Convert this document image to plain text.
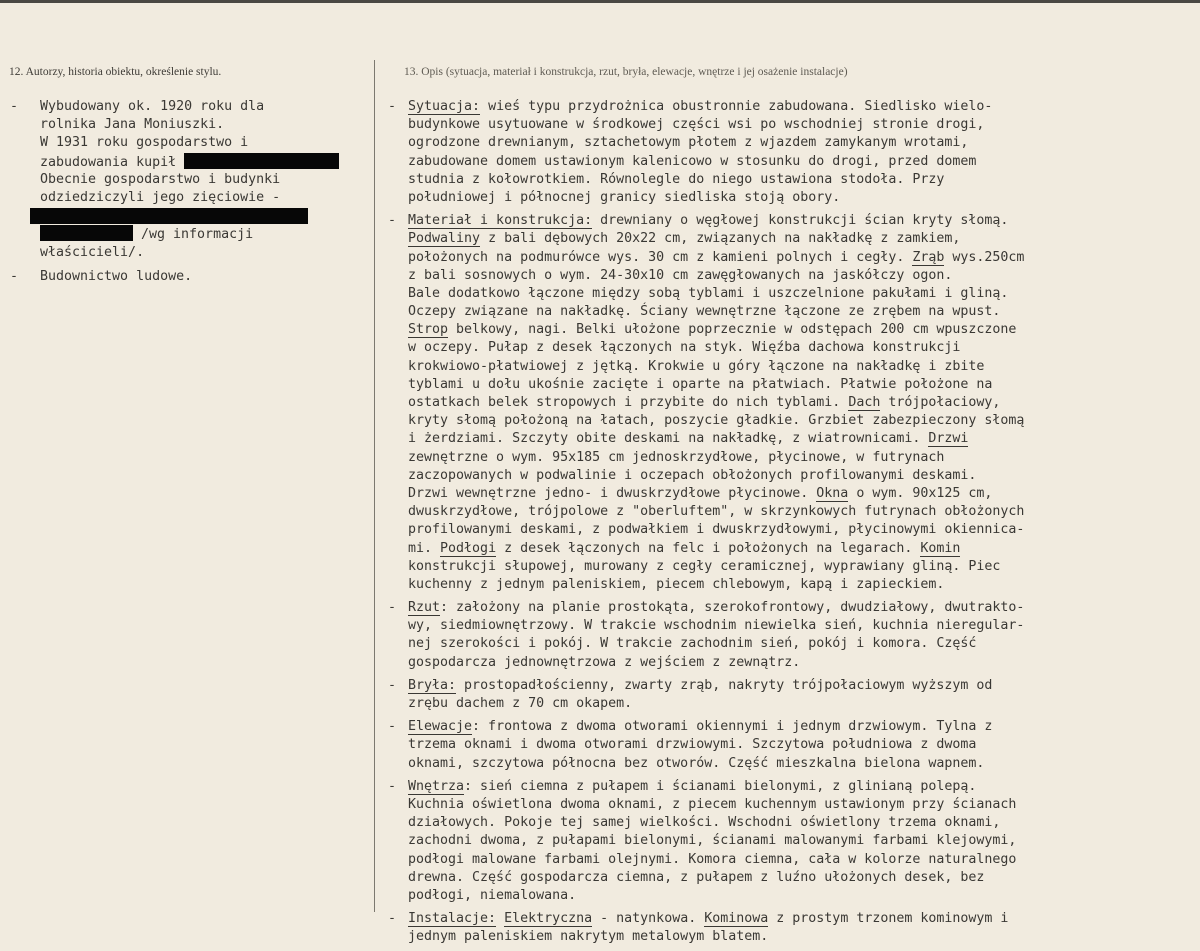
12. Autorzy, historia obiektu, określenie stylu.	13. Opis (sytuacja, materiał i konstrukcja, rzut, bryła, elewacje, wnętrze i jej osażenie instalacje)
- Wybudowany ok. 1920 roku dla
rolnika Jana Moniuszki.
W 1931 roku gospodarstwo i
zabudowania kupił
Obecnie gospodarstwo i budynki
odziedziczyli jego zięciowie -
/wg informacji
właścicieli/.
- Budownictwo ludowe.
- Sytuacja: wieś typu przydrożnica obustronnie zabudowana. Siedlisko wielo-
budynkowe usytuowane w środkowej części wsi po wschodniej stronie drogi,
ogrodzone drewnianym, sztachetowym płotem z wjazdem zamykanym wrotami,
zabudowane domem ustawionym kalenicowo w stosunku do drogi, przed domem
studnia z kołowrotkiem. Równolegle do niego ustawiona stodoła. Przy
południowej i północnej granicy siedliska stoją obory.
- Materiał i konstrukcja: drewniany o węgłowej konstrukcji ścian kryty słomą.
Podwaliny z bali dębowych 20x22 cm, związanych na nakładkę z zamkiem,
położonych na podmurówce wys. 30 cm z kamieni polnych i cegły. Zrąb wys.250cm
z bali sosnowych o wym. 24-30x10 cm zawęgłowanych na jaskółczy ogon.
Bale dodatkowo łączone między sobą tyblami i uszczelnione pakułami i gliną.
Oczepy związane na nakładkę. Ściany wewnętrzne łączone ze zrębem na wpust.
Strop belkowy, nagi. Belki ułożone poprzecznie w odstępach 200 cm wpuszczone
w oczepy. Pułap z desek łączonych na styk. Więźba dachowa konstrukcji
krokwiowo-płatwiowej z jętką. Krokwie u góry łączone na nakładkę i zbite
tyblami u dołu ukośnie zacięte i oparte na płatwiach. Płatwie położone na
ostatkach belek stropowych i przybite do nich tyblami. Dach trójpołaciowy,
kryty słomą położoną na łatach, poszycie gładkie. Grzbiet zabezpieczony słomą
i żerdziami. Szczyty obite deskami na nakładkę, z wiatrownicami. Drzwi
zewnętrzne o wym. 95x185 cm jednoskrzydłowe, płycinowe, w futrynach
zaczopowanych w podwalinie i oczepach obłożonych profilowanymi deskami.
Drzwi wewnętrzne jedno- i dwuskrzydłowe płycinowe. Okna o wym. 90x125 cm,
dwuskrzydłowe, trójpolowe z "oberluftem", w skrzynkowych futrynach obłożonych
profilowanymi deskami, z podwałkiem i dwuskrzydłowymi, płycinowymi okiennica-
mi. Podłogi z desek łączonych na felc i położonych na legarach. Komin
konstrukcji słupowej, murowany z cegły ceramicznej, wyprawiany gliną. Piec
kuchenny z jednym paleniskiem, piecem chlebowym, kapą i zapieckiem.
- Rzut: założony na planie prostokąta, szerokofrontowy, dwudziałowy, dwutrakto-
wy, siedmiownętrzowy. W trakcie wschodnim niewielka sień, kuchnia nieregular-
nej szerokości i pokój. W trakcie zachodnim sień, pokój i komora. Część
gospodarcza jednownętrzowa z wejściem z zewnątrz.
- Bryła: prostopadłościenny, zwarty zrąb, nakryty trójpołaciowym wyższym od
zrębu dachem z 70 cm okapem.
- Elewacje: frontowa z dwoma otworami okiennymi i jednym drzwiowym. Tylna z
trzema oknami i dwoma otworami drzwiowymi. Szczytowa południowa z dwoma
oknami, szczytowa północna bez otworów. Część mieszkalna bielona wapnem.
- Wnętrza: sień ciemna z pułapem i ścianami bielonymi, z glinianą polepą.
Kuchnia oświetlona dwoma oknami, z piecem kuchennym ustawionym przy ścianach
działowych. Pokoje tej samej wielkości. Wschodni oświetlony trzema oknami,
zachodni dwoma, z pułapami bielonymi, ścianami malowanymi farbami klejowymi,
podłogi malowane farbami olejnymi. Komora ciemna, cała w kolorze naturalnego
drewna. Część gospodarcza ciemna, z pułapem z luźno ułożonych desek, bez
podłogi, niemalowana.
- Instalacje: Elektryczna - natynkowa. Kominowa z prostym trzonem kominowym i
jednym paleniskiem nakrytym metalowym blatem.
